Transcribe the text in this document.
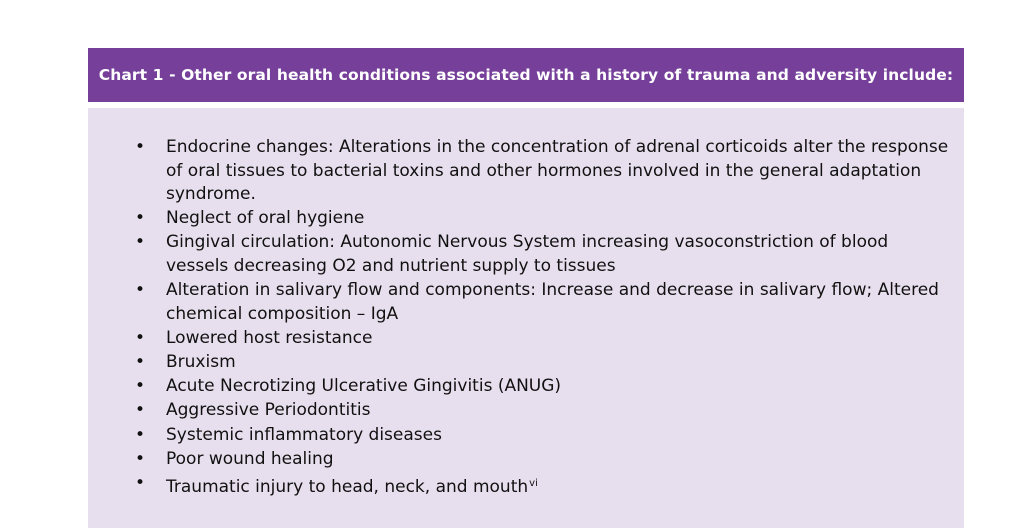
Chart 1 - Other oral health conditions associated with a history of trauma and adversity include:
• Endocrine changes: Alterations in the concentration of adrenal corticoids alter the response of oral tissues to bacterial toxins and other hormones involved in the general adaptation syndrome.
• Neglect of oral hygiene
• Gingival circulation: Autonomic Nervous System increasing vasoconstriction of blood vessels decreasing O2 and nutrient supply to tissues
• Alteration in salivary flow and components: Increase and decrease in salivary flow; Altered chemical composition – IgA
• Lowered host resistance
• Bruxism
• Acute Necrotizing Ulcerative Gingivitis (ANUG)
• Aggressive Periodontitis
• Systemic inflammatory diseases
• Poor wound healing
• Traumatic injury to head, neck, and mouth$^{vi}$
